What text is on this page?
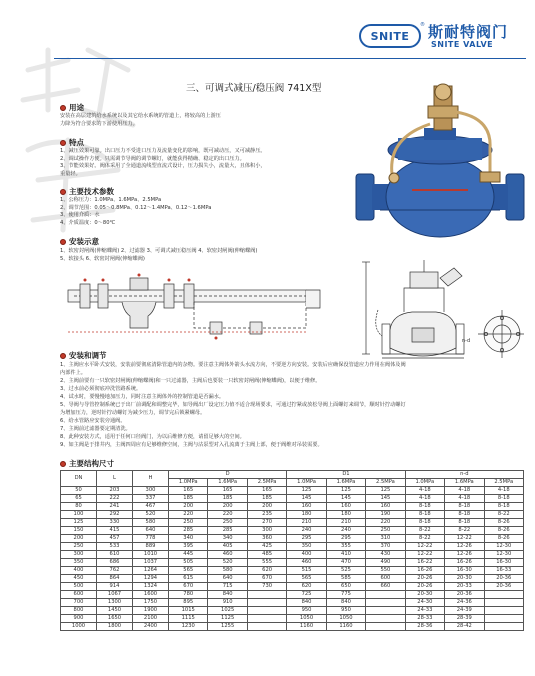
SNITE
® 斯耐特阀门
SNITE VALVE
三、可调式减压/稳压阀 741X型
用途
安装在高层建筑给水系统以及其它给水系统的管道上，将较高的上游压
力降为符合要求的下游使用压力。
特点
1、减压效果可靠。出口压力不受进口压力及流量变化的影响，既可减动压，又可减静压。
2、调试操作方便。只需调节导阀的调节螺钉，就能获得精确、稳定的出口压力。
3、节能效果好。阀体采用了全通道流线型直流式设计，压力损失小，流量大，且体积小，
重量轻。
主要技术参数
1、公称压力：1.0MPa、1.6MPa、2.5MPa
2、调节范围：0.05～0.8MPa、0.12～1.4MPa、0.12～1.6MPa
3、使用介质：水
4、介质温度：0～80℃
安装示意
1、软密封闸阀(伸缩蝶阀) 2、过滤器 3、可调式减压稳压阀 4、软密封闸阀(伸缩蝶阀)
5、软接头 6、软密封闸阀(伸缩蝶阀)
n-d
安装和调节
1、主阀应水平卧式安装，安装前要彻底清除管道内的杂物。要注意主阀体外箭头水流方向，不要逆方向安装。安装后应确保没管道应力作用在阀体及阀
内部件上。
2、主阀前要有一只软密封闸阀(伸缩蝶阀)和一只过滤器，主阀后也要装一只软密封闸阀(伸缩蝶阀)，以便于维修。
3、过水前必须彻底冲洗管路系统。
4、试水时，要慢慢地加压力，同时注意主阀体外的控制管道是否漏水。
5、导阀与导管控制系统已于出厂前调配和调整完毕，如导阀出厂设定压力值不适合现场要求，可通过拧紧或放松导阀上面螺钉来调节，顺时针拧动螺钉
为增加压力，逆时针拧动螺钉为减少压力，调节完后锁紧螺母。
6、给水管路应安装旁通阀。
7、主阀前过滤器要定期清洗。
8、此种安装方式，适用于任何口径阀门，为以后维修方便，请留足够大的空间。
9、如主阀是于排井内，主阀四周应有足够维修空间，主阀与沽泵型对入孔流离于主阀上部，便于阀维对吊装需要。
主要结构尺寸
DN	L	H	D			D1			n-d		
			1.0MPa	1.6MPa	2.5MPa	1.0MPa	1.6MPa	2.5MPa	1.0MPa	1.6MPa	2.5MPa
50	203	300	165	165	165	125	125	125	4-18	4-18	4-18
65	222	337	185	185	185	145	145	145	4-18	4-18	8-18
80	241	467	200	200	200	160	160	160	8-18	8-18	8-18
100	292	520	220	220	235	180	180	190	8-18	8-18	8-22
125	330	580	250	250	270	210	210	220	8-18	8-18	8-26
150	415	640	285	285	300	240	240	250	8-22	8-22	8-26
200	457	778	340	340	360	295	295	310	8-22	12-22	8-26
250	533	889	395	405	425	350	355	370	12-22	12-26	12-30
300	610	1010	445	460	485	400	410	430	12-22	12-26	12-30
350	686	1037	505	520	555	460	470	490	16-22	16-26	16-30
400	762	1264	565	580	620	515	525	550	16-26	16-30	16-33
450	864	1294	615	640	670	565	585	600	20-26	20-30	20-36
500	914	1324	670	715	730	620	650	660	20-26	20-33	20-36
600	1067	1600	780	840		725	775		20-30	20-36	
700	1300	1750	895	910		840	840		24-30	24-36	
800	1450	1900	1015	1025		950	950		24-33	24-39	
900	1650	2100	1115	1125		1050	1050		28-33	28-39	
1000	1800	2400	1230	1255		1160	1160		28-36	28-42	
